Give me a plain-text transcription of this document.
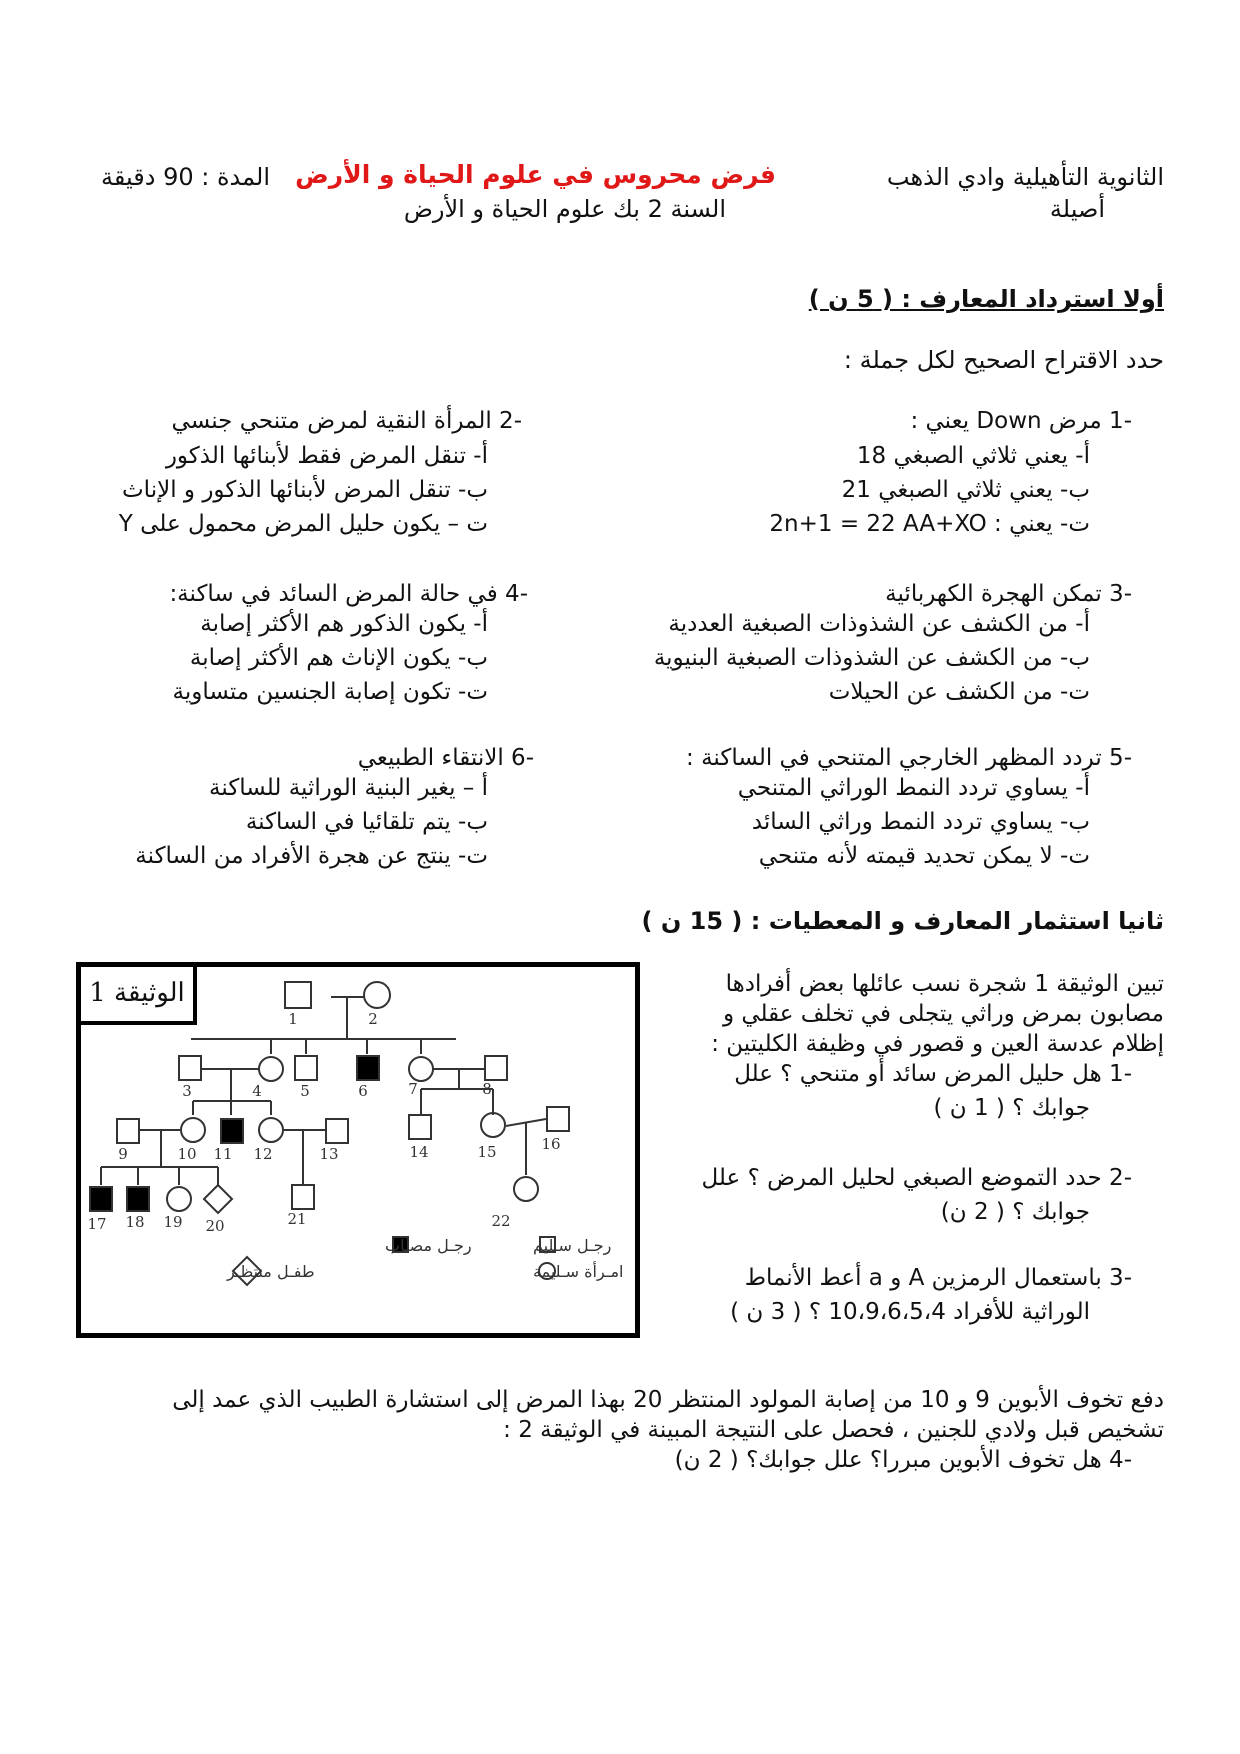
الثانوية التأهيلية وادي الذهب
أصيلة
فرض محروس في علوم الحياة و الأرض
السنة 2 بك علوم الحياة و الأرض
المدة : 90 دقيقة
أولا استرداد المعارف : ( 5 ن )
حدد الاقتراح الصحيح لكل جملة :
-1 مرض Down يعني :
أ- يعني ثلاثي الصبغي 18
ب- يعني ثلاثي الصبغي 21
ت- يعني : 2n+1 = 22 AA+XO
-2 المرأة النقية لمرض متنحي جنسي
أ- تنقل المرض فقط لأبنائها الذكور
ب- تنقل المرض لأبنائها الذكور و الإناث
ت – يكون حليل المرض محمول على Y
-3 تمكن الهجرة الكهربائية
أ- من الكشف عن الشذوذات الصبغية العددية
ب- من الكشف عن الشذوذات الصبغية البنيوية
ت- من الكشف عن الحيلات
-4 في حالة المرض السائد في ساكنة:
أ- يكون الذكور هم الأكثر إصابة
ب- يكون الإناث هم الأكثر إصابة
ت- تكون إصابة الجنسين متساوية
-5 تردد المظهر الخارجي المتنحي في الساكنة :
أ- يساوي تردد النمط الوراثي المتنحي
ب- يساوي تردد النمط وراثي السائد
ت- لا يمكن تحديد قيمته لأنه متنحي
-6 الانتقاء الطبيعي
أ – يغير البنية الوراثية للساكنة
ب- يتم تلقائيا في الساكنة
ت- ينتج عن هجرة الأفراد من الساكنة
ثانيا استثمار المعارف و المعطيات : ( 15 ن )
تبين الوثيقة 1 شجرة نسب عائلها بعض أفرادها
مصابون بمرض وراثي يتجلى في تخلف عقلي و
إظلام عدسة العين و قصور في وظيفة الكليتين :
-1 هل حليل المرض سائد أو متنحي ؟ علل
جوابك ؟ ( 1 ن )
-2 حدد التموضع الصبغي لحليل المرض ؟ علل
جوابك ؟ ( 2 ن)
-3 باستعمال الرمزين A و a أعط الأنماط
الوراثية للأفراد 10،9،6،5،4 ؟ ( 3 ن )
دفع تخوف الأبوين 9 و 10 من إصابة المولود المنتظر 20 بهذا المرض إلى استشارة الطبيب الذي عمد إلى
تشخيص قبل ولادي للجنين ، فحصل على النتيجة المبينة في الوثيقة 2 :
-4 هل تخوف الأبوين مبررا؟ علل جوابك؟ ( 2 ن)
الوثيقة 1
1	2
3	4	5	6	7	8
9	10 11 12	13	14	15	16
17 18 19 20	21	22
رجـل سـليم
امـرأة سـليمة
رجـل مصـاب
طفـل منتظـر
